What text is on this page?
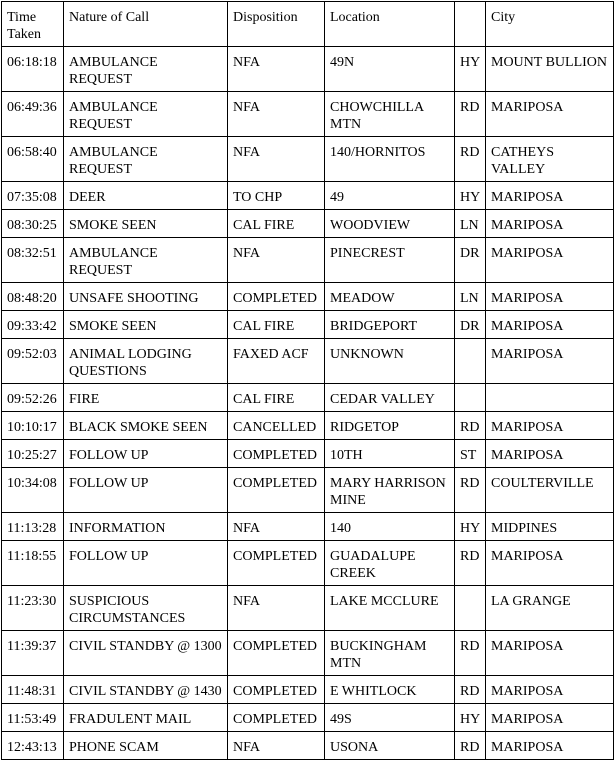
Time Taken	Nature of Call	Disposition	Location		City
06:18:18	AMBULANCE REQUEST	NFA	49N	HY	MOUNT BULLION
06:49:36	AMBULANCE REQUEST	NFA	CHOWCHILLA MTN	RD	MARIPOSA
06:58:40	AMBULANCE REQUEST	NFA	140/HORNITOS	RD	CATHEYS VALLEY
07:35:08	DEER	TO CHP	49	HY	MARIPOSA
08:30:25	SMOKE SEEN	CAL FIRE	WOODVIEW	LN	MARIPOSA
08:32:51	AMBULANCE REQUEST	NFA	PINECREST	DR	MARIPOSA
08:48:20	UNSAFE SHOOTING	COMPLETED	MEADOW	LN	MARIPOSA
09:33:42	SMOKE SEEN	CAL FIRE	BRIDGEPORT	DR	MARIPOSA
09:52:03	ANIMAL LODGING QUESTIONS	FAXED ACF	UNKNOWN		MARIPOSA
09:52:26	FIRE	CAL FIRE	CEDAR VALLEY		
10:10:17	BLACK SMOKE SEEN	CANCELLED	RIDGETOP	RD	MARIPOSA
10:25:27	FOLLOW UP	COMPLETED	10TH	ST	MARIPOSA
10:34:08	FOLLOW UP	COMPLETED	MARY HARRISON MINE	RD	COULTERVILLE
11:13:28	INFORMATION	NFA	140	HY	MIDPINES
11:18:55	FOLLOW UP	COMPLETED	GUADALUPE CREEK	RD	MARIPOSA
11:23:30	SUSPICIOUS CIRCUMSTANCES	NFA	LAKE MCCLURE		LA GRANGE
11:39:37	CIVIL STANDBY @ 1300	COMPLETED	BUCKINGHAM MTN	RD	MARIPOSA
11:48:31	CIVIL STANDBY @ 1430	COMPLETED	E WHITLOCK	RD	MARIPOSA
11:53:49	FRADULENT MAIL	COMPLETED	49S	HY	MARIPOSA
12:43:13	PHONE SCAM	NFA	USONA	RD	MARIPOSA
